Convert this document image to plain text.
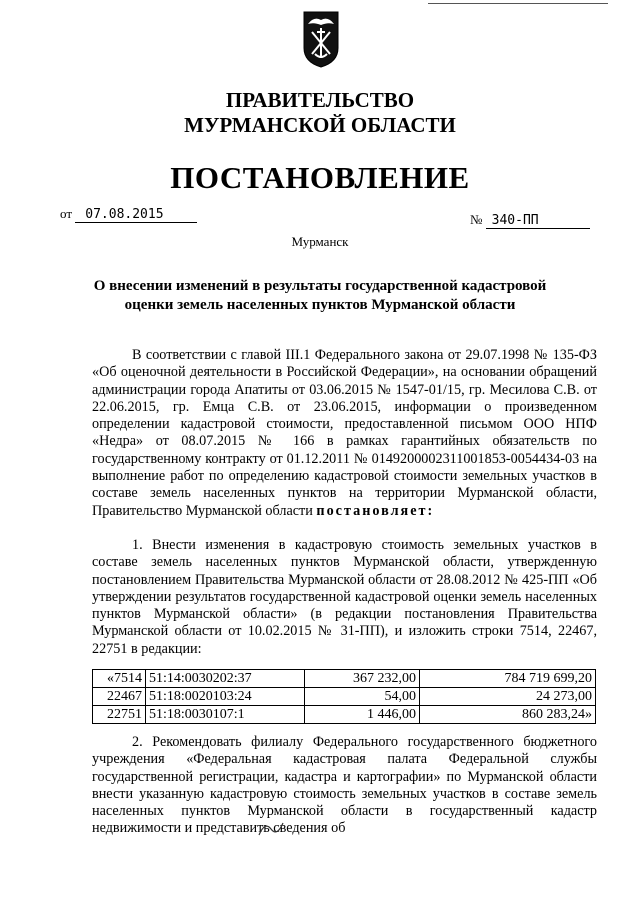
ПРАВИТЕЛЬСТВО
МУРМАНСКОЙ ОБЛАСТИ
ПОСТАНОВЛЕНИЕ
от 07.08.2015	№ 340-ПП
Мурманск
О внесении изменений в результаты государственной кадастровой
оценки земель населенных пунктов Мурманской области
В соответствии с главой III.1 Федерального закона от 29.07.1998 № 135-ФЗ «Об оценочной деятельности в Российской Федерации», на основании обращений администрации города Апатиты от 03.06.2015 № 1547-01/15, гр. Месилова С.В. от 22.06.2015, гр. Емца С.В. от 23.06.2015, информации о произведенном определении кадастровой стоимости, предоставленной письмом ООО НПФ «Недра» от 08.07.2015 № 166 в рамках гарантийных обязательств по государственному контракту от 01.12.2011 № 0149200002311001853-0054434-03 на выполнение работ по определению кадастровой стоимости земельных участков в составе земель населенных пунктов на территории Мурманской области, Правительство Мурманской области постановляет:
1. Внести изменения в кадастровую стоимость земельных участков в составе земель населенных пунктов Мурманской области, утвержденную постановлением Правительства Мурманской области от 28.08.2012 № 425-ПП «Об утверждении результатов государственной кадастровой оценки земель населенных пунктов Мурманской области» (в редакции постановления Правительства Мурманской области от 10.02.2015 № 31-ПП), и изложить строки 7514, 22467, 22751 в редакции:
«7514	51:14:0030202:37	367 232,00	784 719 699,20
22467	51:18:0020103:24	54,00	24 273,00
22751	51:18:0030107:1	1 446,00	860 283,24»
2. Рекомендовать филиалу Федерального государственного бюджетного учреждения «Федеральная кадастровая палата Федеральной службы государственной регистрации, кадастра и картографии» по Мурманской области внести указанную кадастровую стоимость земельных участков в составе земель населенных пунктов Мурманской области в государственный кадастр недвижимости и представить сведения об
